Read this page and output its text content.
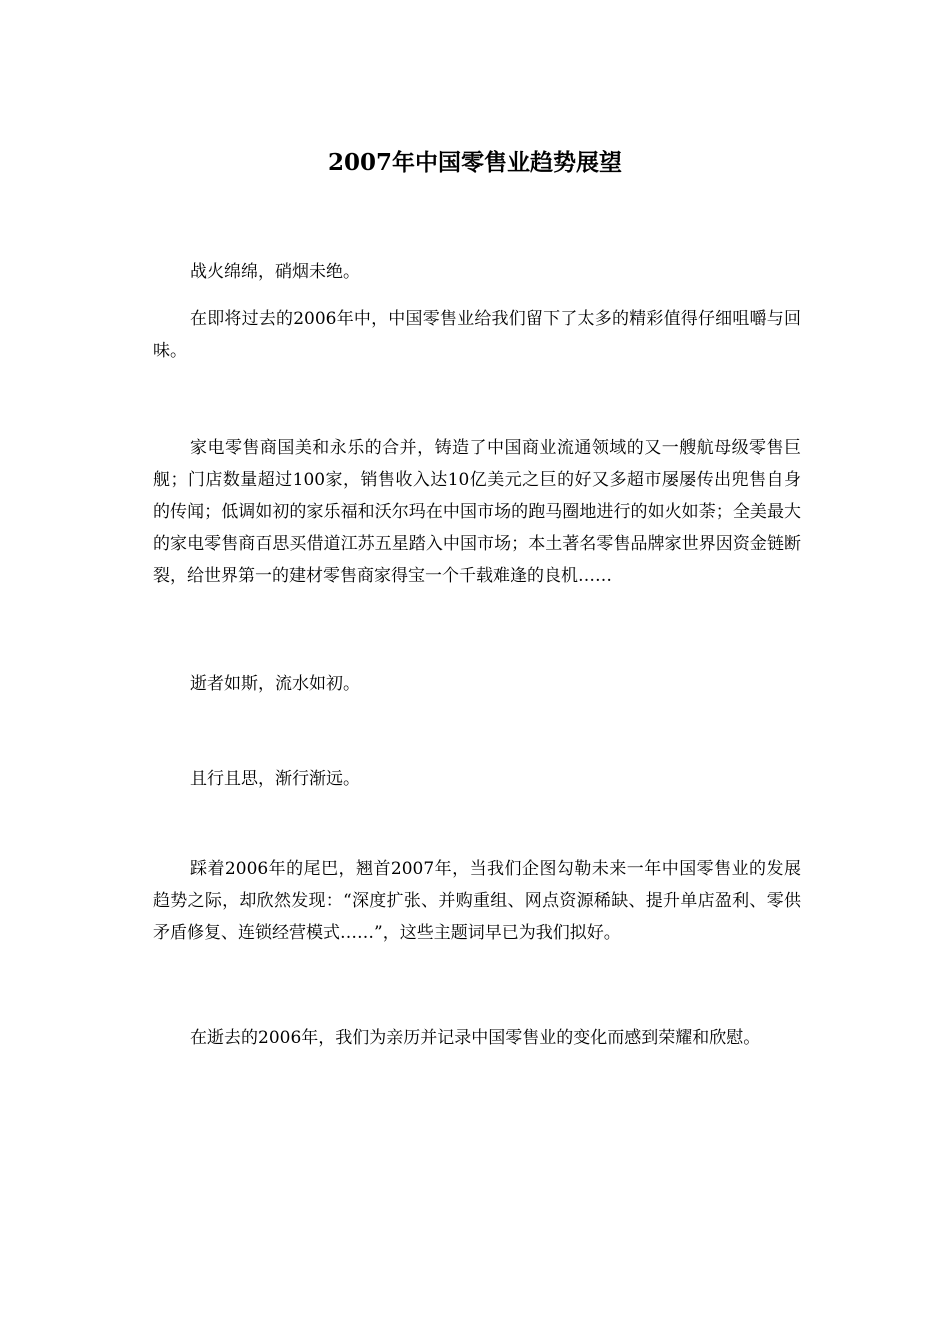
2007年中国零售业趋势展望

战火绵绵，硝烟未绝。

在即将过去的2006年中，中国零售业给我们留下了太多的精彩值得仔细咀嚼与回味。

家电零售商国美和永乐的合并，铸造了中国商业流通领域的又一艘航母级零售巨舰；门店数量超过100家，销售收入达10亿美元之巨的好又多超市屡屡传出兜售自身的传闻；低调如初的家乐福和沃尔玛在中国市场的跑马圈地进行的如火如荼；全美最大的家电零售商百思买借道江苏五星踏入中国市场；本土著名零售品牌家世界因资金链断裂，给世界第一的建材零售商家得宝一个千载难逢的良机……

逝者如斯，流水如初。

且行且思，渐行渐远。

踩着2006年的尾巴，翘首2007年，当我们企图勾勒未来一年中国零售业的发展趋势之际，却欣然发现：“深度扩张、并购重组、网点资源稀缺、提升单店盈利、零供矛盾修复、连锁经营模式……”，这些主题词早已为我们拟好。

在逝去的2006年，我们为亲历并记录中国零售业的变化而感到荣耀和欣慰。
